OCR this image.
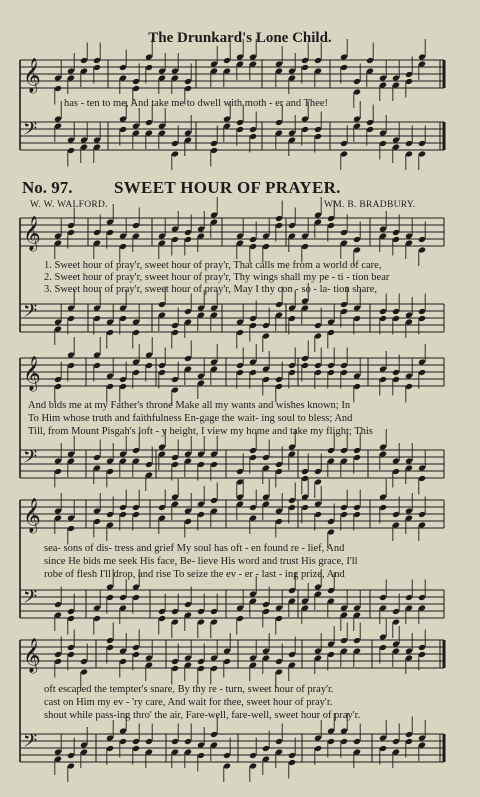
The Drunkard's Lone Child.
No. 97. SWEET HOUR OF PRAYER.
W. W. WALFORD.	WM. B. BRADBURY.
has - ten to me, And take me to dwell with moth - er and Thee!
1. Sweet hour of pray'r, sweet hour of pray'r, That calls me from a world of care,
2. Sweet hour of pray'r, sweet hour of pray'r, Thy wings shall my pe - ti - tion bear
3. Sweet hour of pray'r, sweet hour of pray'r, May I thy con - so - la- tion share,
And bids me at my Father's throne Make all my wants and wishes known; In
To Him whose truth and faithfulness En-gage the wait- ing soul to bless; And
Till, from Mount Pisgah's loft - y height, I view my home and take my flight; This
sea- sons of dis- tress and grief My soul has oft - en found re - lief, And
since He bids me seek His face, Be- lieve His word and trust His grace, I'll
robe of flesh I'll drop, and rise To seize the ev - er - last - ing prize, And
oft escaped the tempter's snare, By thy re - turn, sweet hour of pray'r.
cast on Him my ev - 'ry care, And wait for thee, sweet hour of pray'r.
shout while pass-ing thro' the air, Fare-well, fare-well, sweet hour of pray'r.
𝄞
𝄢
𝄞
𝄢
𝄞
𝄢
𝄞
𝄢
𝄞
𝄢
